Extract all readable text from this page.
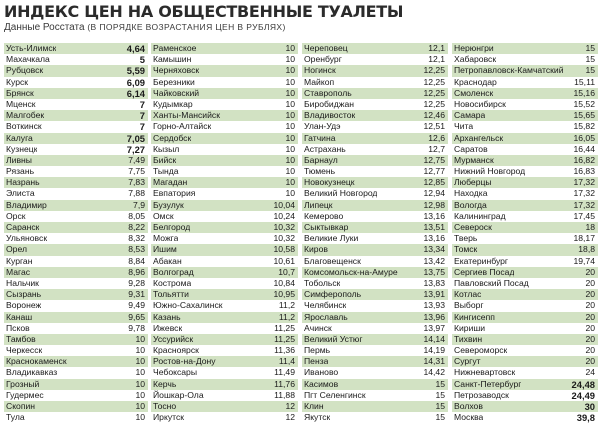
ИНДЕКС ЦЕН НА ОБЩЕСТВЕННЫЕ ТУАЛЕТЫ
Данные Росстата (В ПОРЯДКЕ ВОЗРАСТАНИЯ ЦЕН В РУБЛЯХ)
Усть-Илимск	4,64
Махачкала	5
Рубцовск	5,59
Курск	6,09
Брянск	6,14
Мценск	7
Малгобек	7
Воткинск	7
Калуга	7,05
Кузнецк	7,27
Ливны	7,49
Рязань	7,75
Назрань	7,83
Элиста	7,88
Владимир	7,9
Орск	8,05
Саранск	8,22
Ульяновск	8,32
Орел	8,53
Курган	8,84
Магас	8,96
Нальчик	9,28
Сызрань	9,31
Воронеж	9,49
Канаш	9,65
Псков	9,78
Тамбов	10
Черкесск	10
Краснокаменск	10
Владикавказ	10
Грозный	10
Гудермес	10
Скопин	10
Тула	10
Раменское	10
Камышин	10
Черняховск	10
Березники	10
Чайковский	10
Кудымкар	10
Ханты-Мансийск	10
Горно-Алтайск	10
Сердобск	10
Кызыл	10
Бийск	10
Тында	10
Магадан	10
Евпатория	10
Бузулук	10,04
Омск	10,24
Белгород	10,32
Можга	10,32
Ишим	10,58
Абакан	10,61
Волгоград	10,7
Кострома	10,84
Тольятти	10,95
Южно-Сахалинск	11,2
Казань	11,2
Ижевск	11,25
Уссурийск	11,25
Красноярск	11,36
Ростов-на-Дону	11,4
Чебоксары	11,49
Керчь	11,76
Йошкар-Ола	11,88
Тосно	12
Иркутск	12
Череповец	12,1
Оренбург	12,1
Ногинск	12,25
Майкоп	12,25
Ставрополь	12,25
Биробиджан	12,25
Владивосток	12,46
Улан-Удэ	12,51
Гатчина	12,6
Астрахань	12,7
Барнаул	12,75
Тюмень	12,77
Новокузнецк	12,85
Великий Новгород	12,94
Липецк	12,98
Кемерово	13,16
Сыктывкар	13,51
Великие Луки	13,16
Киров	13,34
Благовещенск	13,42
Комсомольск-на-Амуре	13,75
Тобольск	13,83
Симферополь	13,91
Челябинск	13,93
Ярославль	13,96
Ачинск	13,97
Великий Устюг	14,14
Пермь	14,19
Пенза	14,31
Иваново	14,42
Касимов	15
Пгт Селенгинск	15
Клин	15
Якутск	15
Нерюнгри	15
Хабаровск	15
Петропавловск-Камчатский	15
Краснодар	15,11
Смоленск	15,16
Новосибирск	15,52
Самара	15,65
Чита	15,82
Архангельск	16,05
Саратов	16,44
Мурманск	16,82
Нижний Новгород	16,83
Люберцы	17,32
Находка	17,32
Вологда	17,32
Калининград	17,45
Североск	18
Тверь	18,17
Томск	18,8
Екатеринбург	19,74
Сергиев Посад	20
Павловский Посад	20
Котлас	20
Выборг	20
Кингисепп	20
Кириши	20
Тихвин	20
Североморск	20
Сургут	20
Нижневартовск	24
Санкт-Петербург	24,48
Петрозаводск	24,49
Волхов	30
Москва	39,8
